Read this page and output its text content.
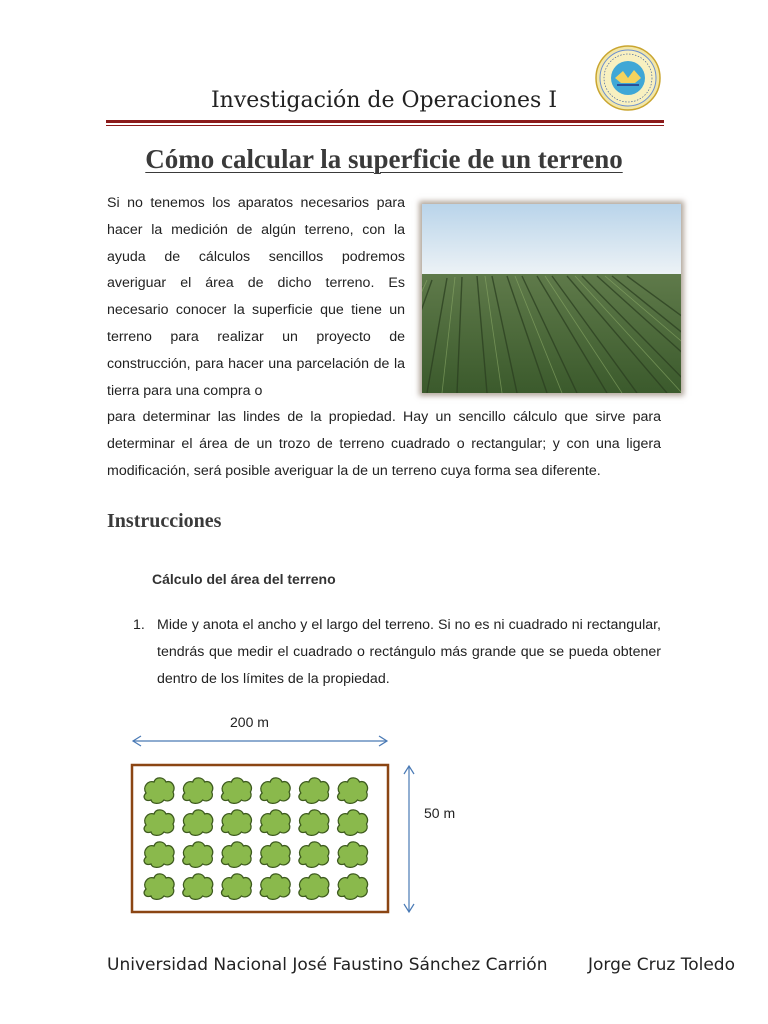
Investigación de Operaciones I
Cómo calcular la superficie de un terreno
Si no tenemos los aparatos necesarios para hacer la medición de algún terreno, con la ayuda de cálculos sencillos podremos averiguar el área de dicho terreno. Es necesario conocer la superficie que tiene un terreno para realizar un proyecto de construcción, para hacer una parcelación de la tierra para una compra o
para determinar las lindes de la propiedad. Hay un sencillo cálculo que sirve para determinar el área de un trozo de terreno cuadrado o rectangular; y con una ligera modificación, será posible averiguar la de un terreno cuya forma sea diferente.
Instrucciones
Cálculo del área del terreno
1. Mide y anota el ancho y el largo del terreno. Si no es ni cuadrado ni rectangular, tendrás que medir el cuadrado o rectángulo más grande que se pueda obtener dentro de los límites de la propiedad.
200 m
50 m
Universidad Nacional José Faustino Sánchez Carrión Jorge Cruz Toledo
